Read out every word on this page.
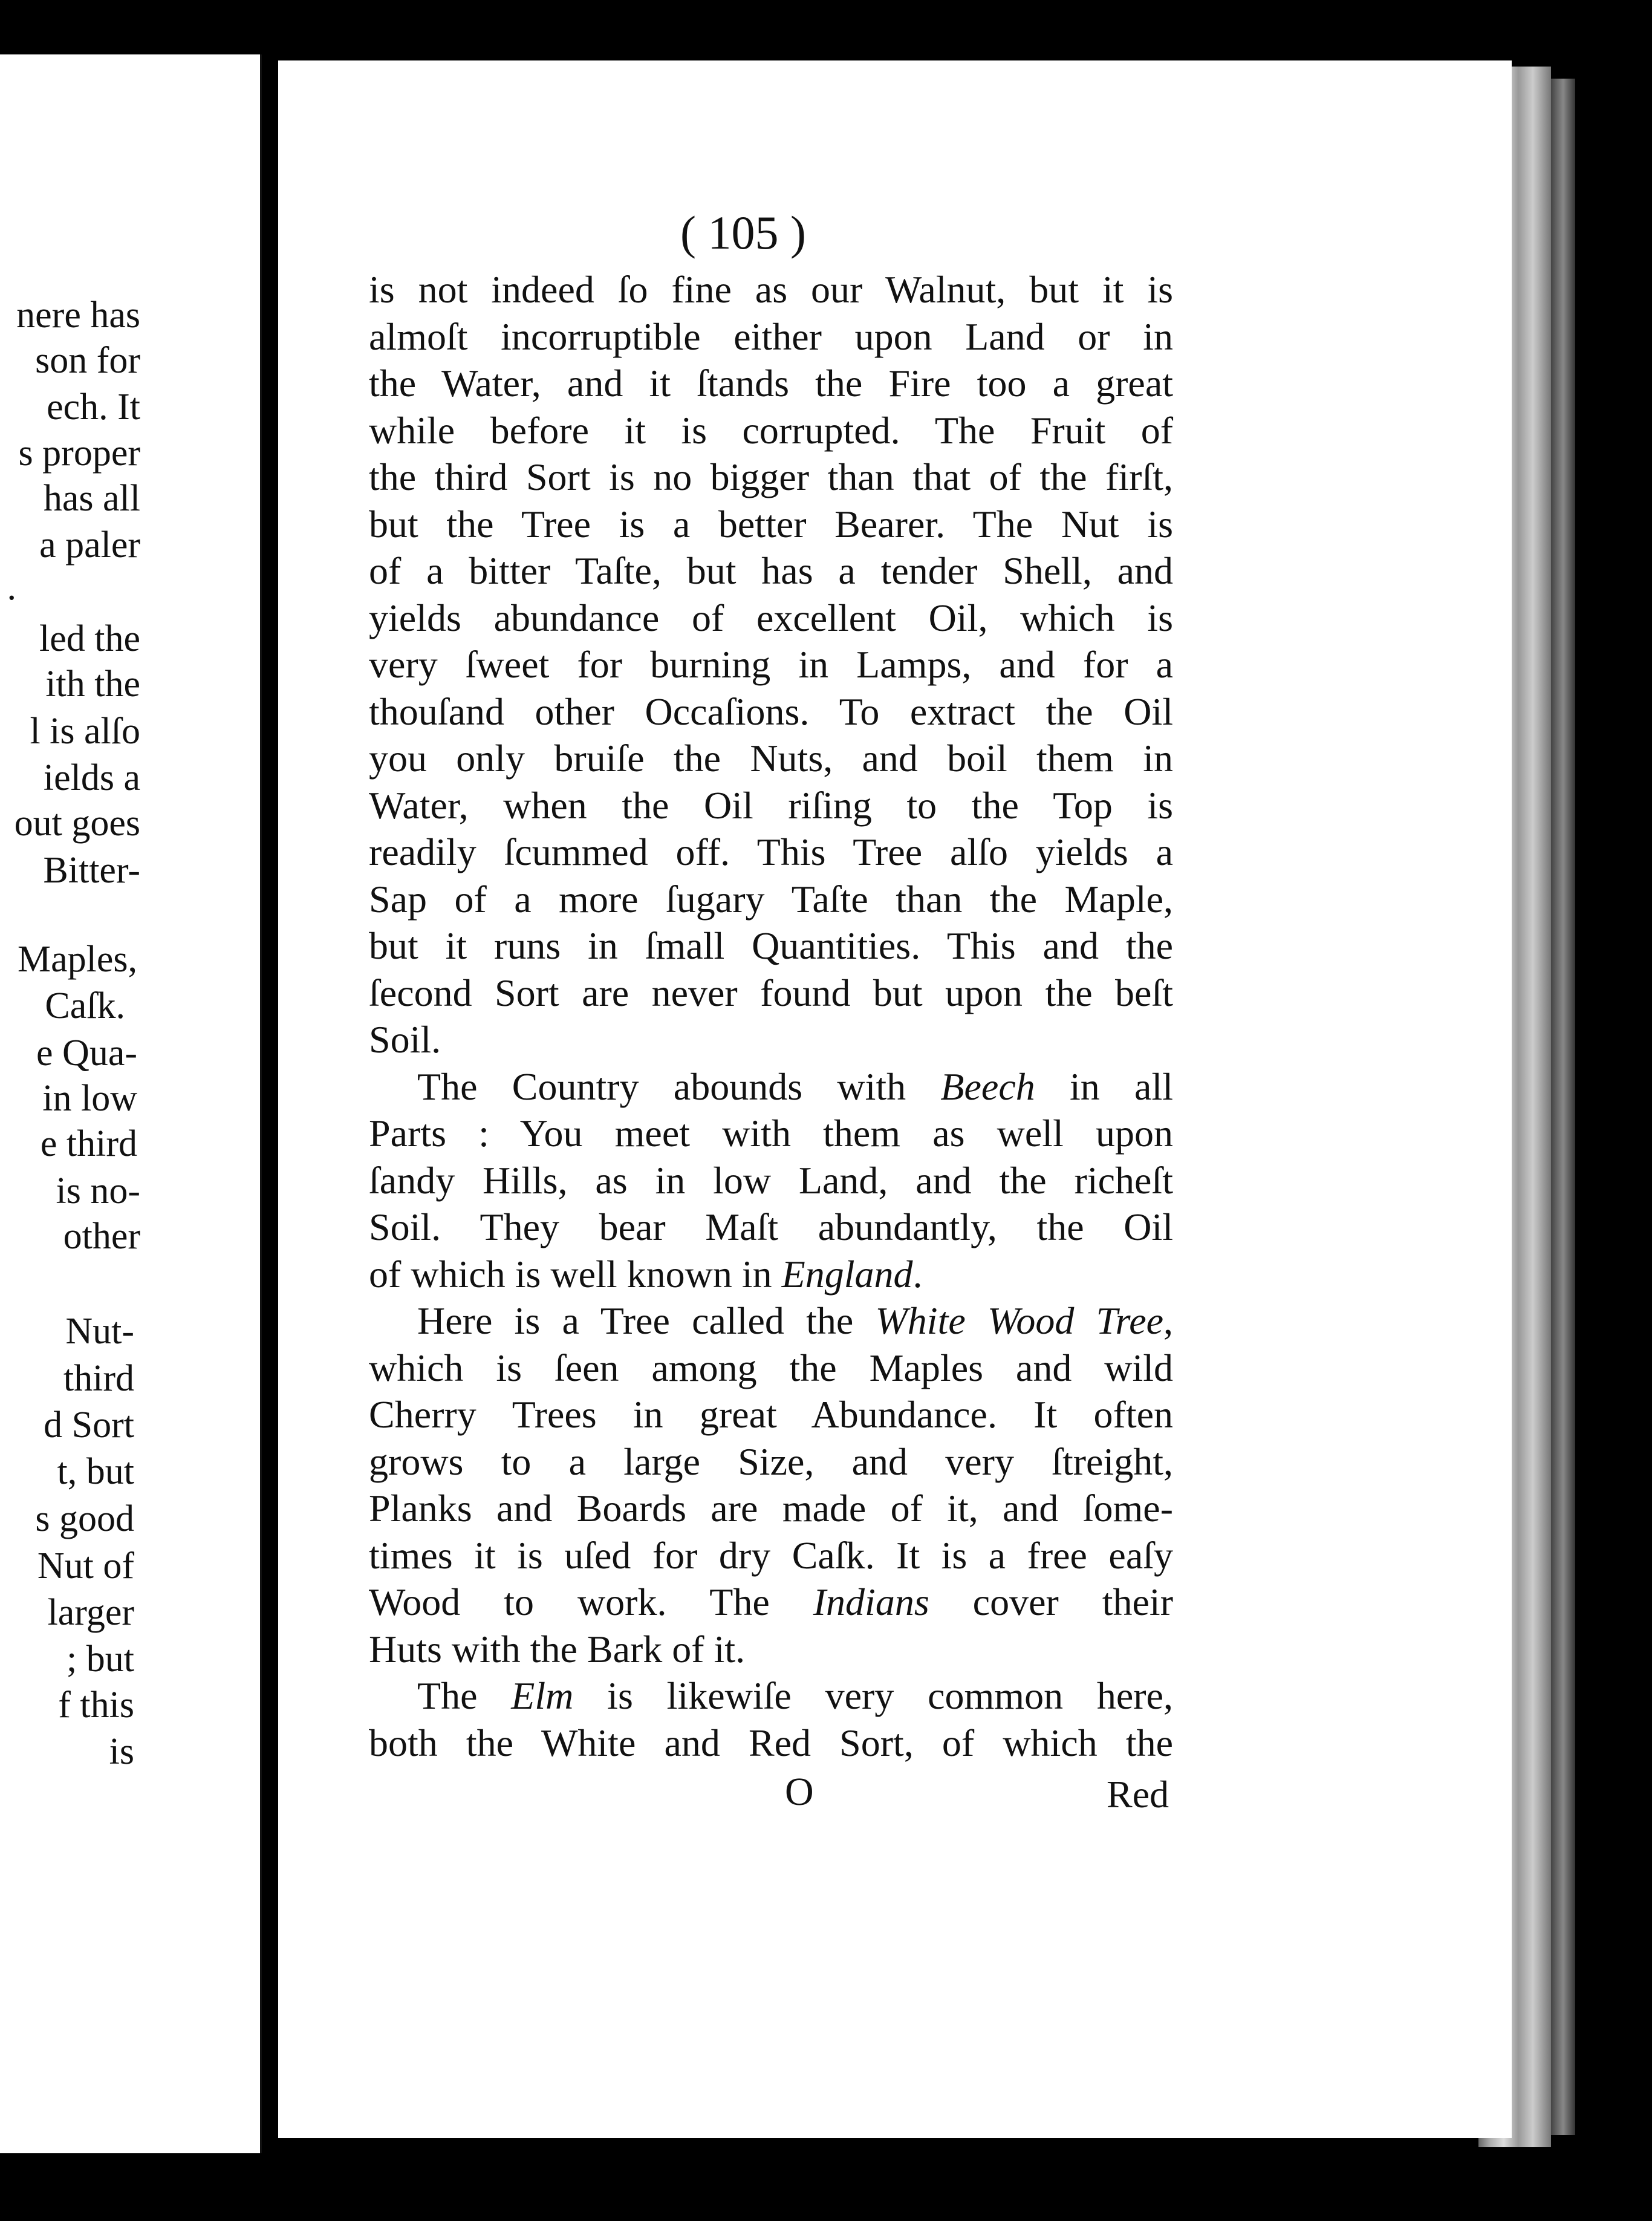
nere has
son for
ech. It
s proper
has all
a paler
.
led the
ith the
l is alſo
ields a
out goes
Bitter-
Maples,
Caſk.
e Qua-
in low
e third
is no-
other
Nut-
third
d Sort
t, but
s good
Nut of
larger
; but
f this
is
( 105 )
is not indeed ſo fine as our Walnut, but it is
almoſt incorruptible either upon Land or in
the Water, and it ſtands the Fire too a great
while before it is corrupted. The Fruit of
the third Sort is no bigger than that of the firſt,
but the Tree is a better Bearer. The Nut is
of a bitter Taſte, but has a tender Shell, and
yields abundance of excellent Oil, which is
very ſweet for burning in Lamps, and for a
thouſand other Occaſions. To extract the Oil
you only bruiſe the Nuts, and boil them in
Water, when the Oil riſing to the Top is
readily ſcummed off. This Tree alſo yields a
Sap of a more ſugary Taſte than the Maple,
but it runs in ſmall Quantities. This and the
ſecond Sort are never found but upon the beſt
Soil.
The Country abounds with Beech in all
Parts : You meet with them as well upon
ſandy Hills, as in low Land, and the richeſt
Soil. They bear Maſt abundantly, the Oil
of which is well known in England.
Here is a Tree called the White Wood Tree,
which is ſeen among the Maples and wild
Cherry Trees in great Abundance. It often
grows to a large Size, and very ſtreight,
Planks and Boards are made of it, and ſome-
times it is uſed for dry Caſk. It is a free eaſy
Wood to work. The Indians cover their
Huts with the Bark of it.
The Elm is likewiſe very common here,
both the White and Red Sort, of which the
O	Red
